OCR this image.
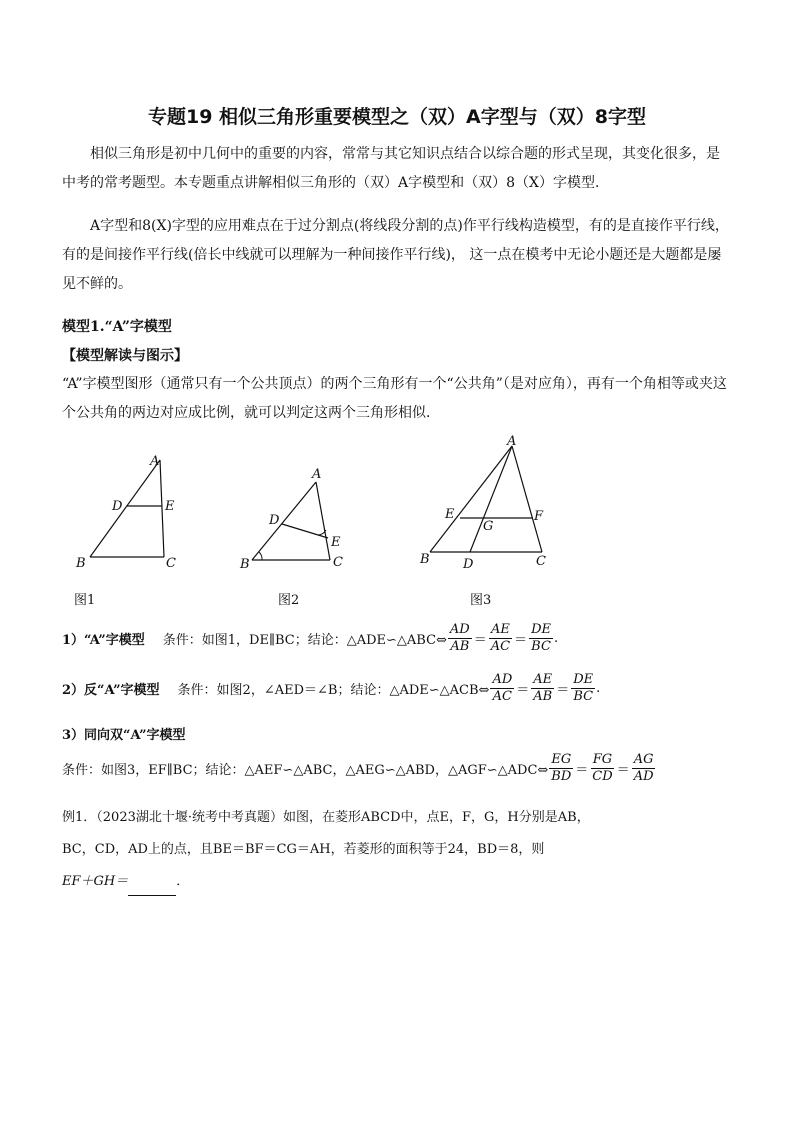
专题19 相似三角形重要模型之（双）A字型与（双）8字型
相似三角形是初中几何中的重要的内容，常常与其它知识点结合以综合题的形式呈现，其变化很多，是中考的常考题型。本专题重点讲解相似三角形的（双）A字模型和（双）8（X）字模型．
A字型和8(X)字型的应用难点在于过分割点(将线段分割的点)作平行线构造模型，有的是直接作平行线，有的是间接作平行线(倍长中线就可以理解为一种间接作平行线)， 这一点在模考中无论小题还是大题都是屡见不鲜的。
模型1.“A”字模型
【模型解读与图示】
“A”字模型图形（通常只有一个公共顶点）的两个三角形有一个“公共角”（是对应角），再有一个角相等或夹这个公共角的两边对应成比例，就可以判定这两个三角形相似．
A
D	E
B	C
A
D
E
B	C
A
E	F
G
B	D	C
图1	图2	图3
1）“A”字模型 条件：如图1，DE∥BC；结论：△ADE∽△ABC⇔ $\frac{AD}{AB} = \frac{AE}{AC} = \frac{DE}{BC}$ .
2）反“A”字模型 条件：如图2，∠AED＝∠B；结论：△ADE∽△ACB⇔ $\frac{AD}{AC} = \frac{AE}{AB} = \frac{DE}{BC}$ .
3）同向双“A”字模型
条件：如图3，EF∥BC；结论：△AEF∽△ABC，△AEG∽△ABD，△AGF∽△ADC⇔ $\frac{EG}{BD} = \frac{FG}{CD} = \frac{AG}{AD}$
例1．（2023湖北十堰·统考中考真题）如图，在菱形ABCD中，点E，F，G，H分别是AB，
BC，CD，AD上的点，且BE＝BF＝CG＝AH，若菱形的面积等于24，BD＝8，则
EF＋GH＝	．
